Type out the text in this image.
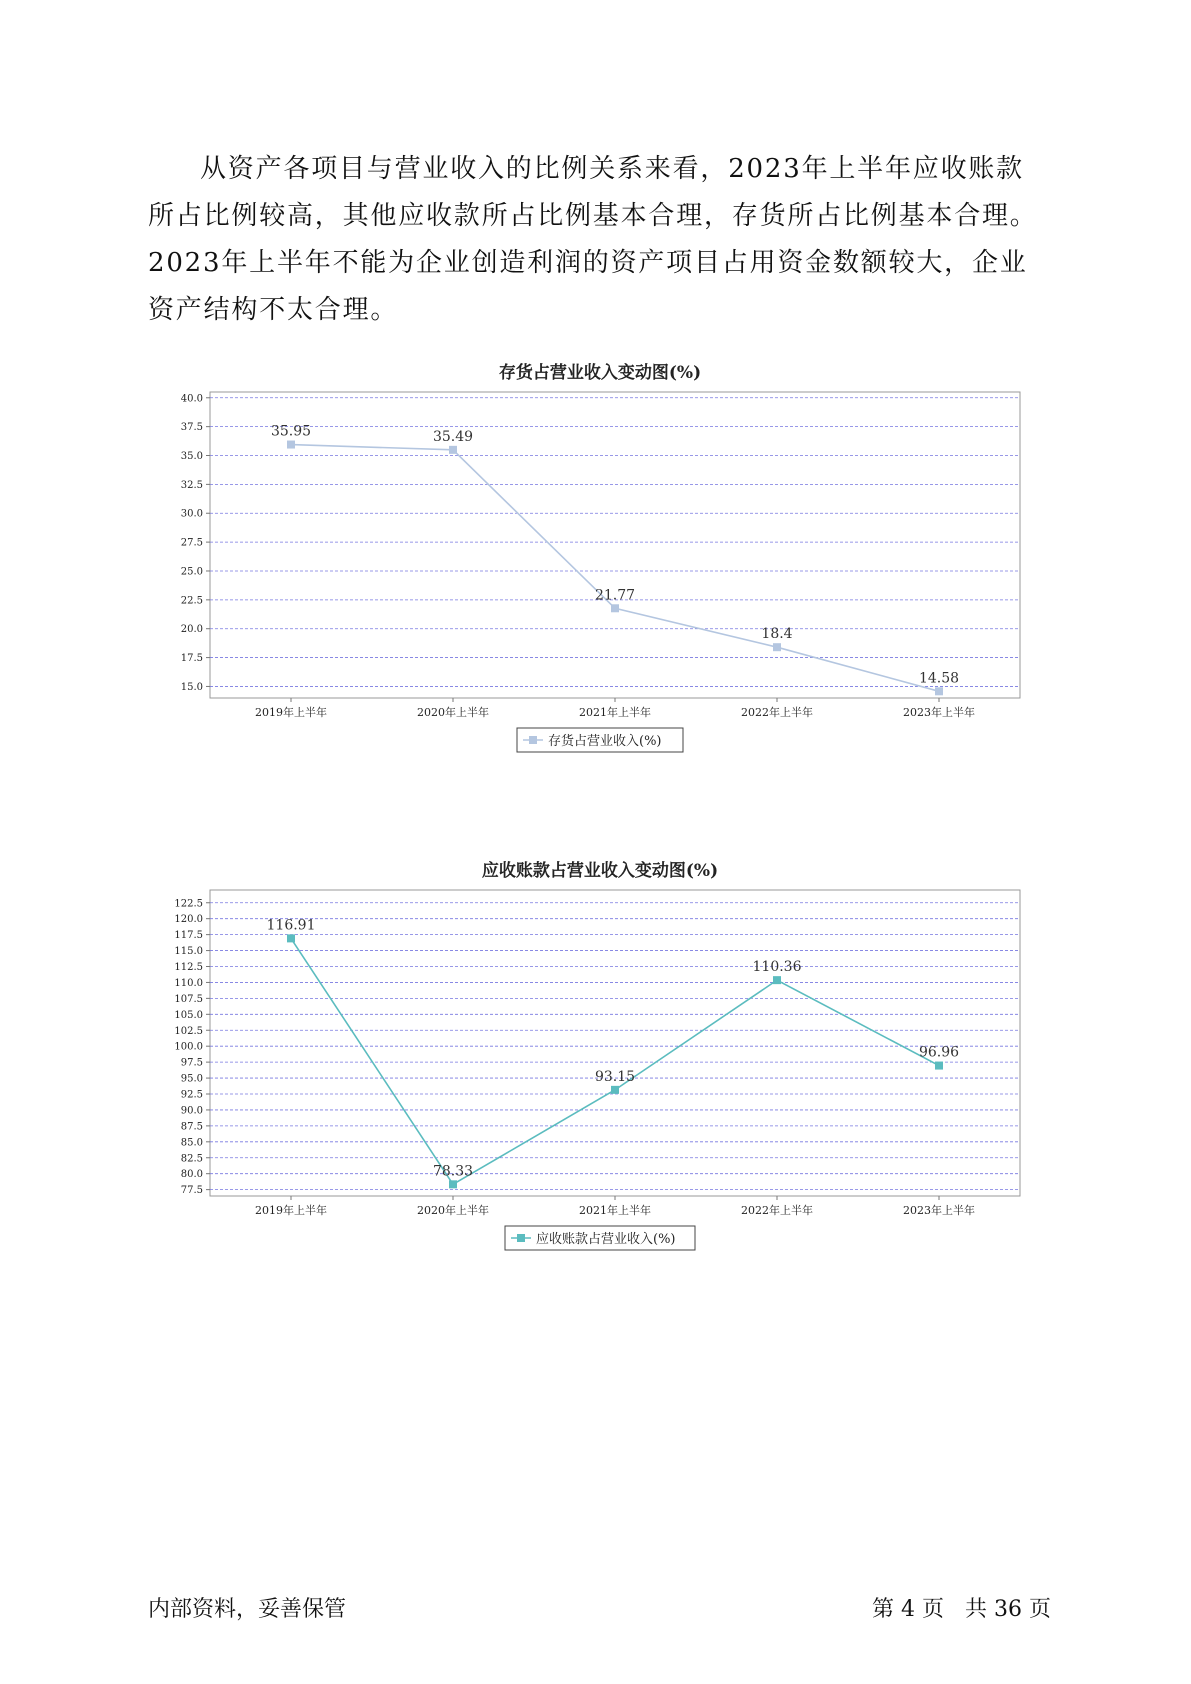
从资产各项目与营业收入的比例关系来看，2023年上半年应收账款所占比例较高，其他应收款所占比例基本合理，存货所占比例基本合理。2023年上半年不能为企业创造利润的资产项目占用资金数额较大，企业资产结构不太合理。

存货占营业收入变动图(%)
15.0
17.5
20.0
22.5
25.0
27.5
30.0
32.5
35.0
37.5
40.0
2019年上半年	2020年上半年	2021年上半年	2022年上半年	2023年上半年
35.95	35.49
21.77
18.4
14.58
存货占营业收入(%)
应收账款占营业收入变动图(%)
77.5
80.0
82.5
85.0
87.5
90.0
92.5
95.0
97.5
100.0
102.5
105.0
107.5
110.0
112.5
115.0
117.5
120.0
122.5
2019年上半年	2020年上半年	2021年上半年	2022年上半年	2023年上半年
116.91
78.33
93.15
110.36
96.96
应收账款占营业收入(%)
内部资料，妥善保管	第 4 页 共 36 页
